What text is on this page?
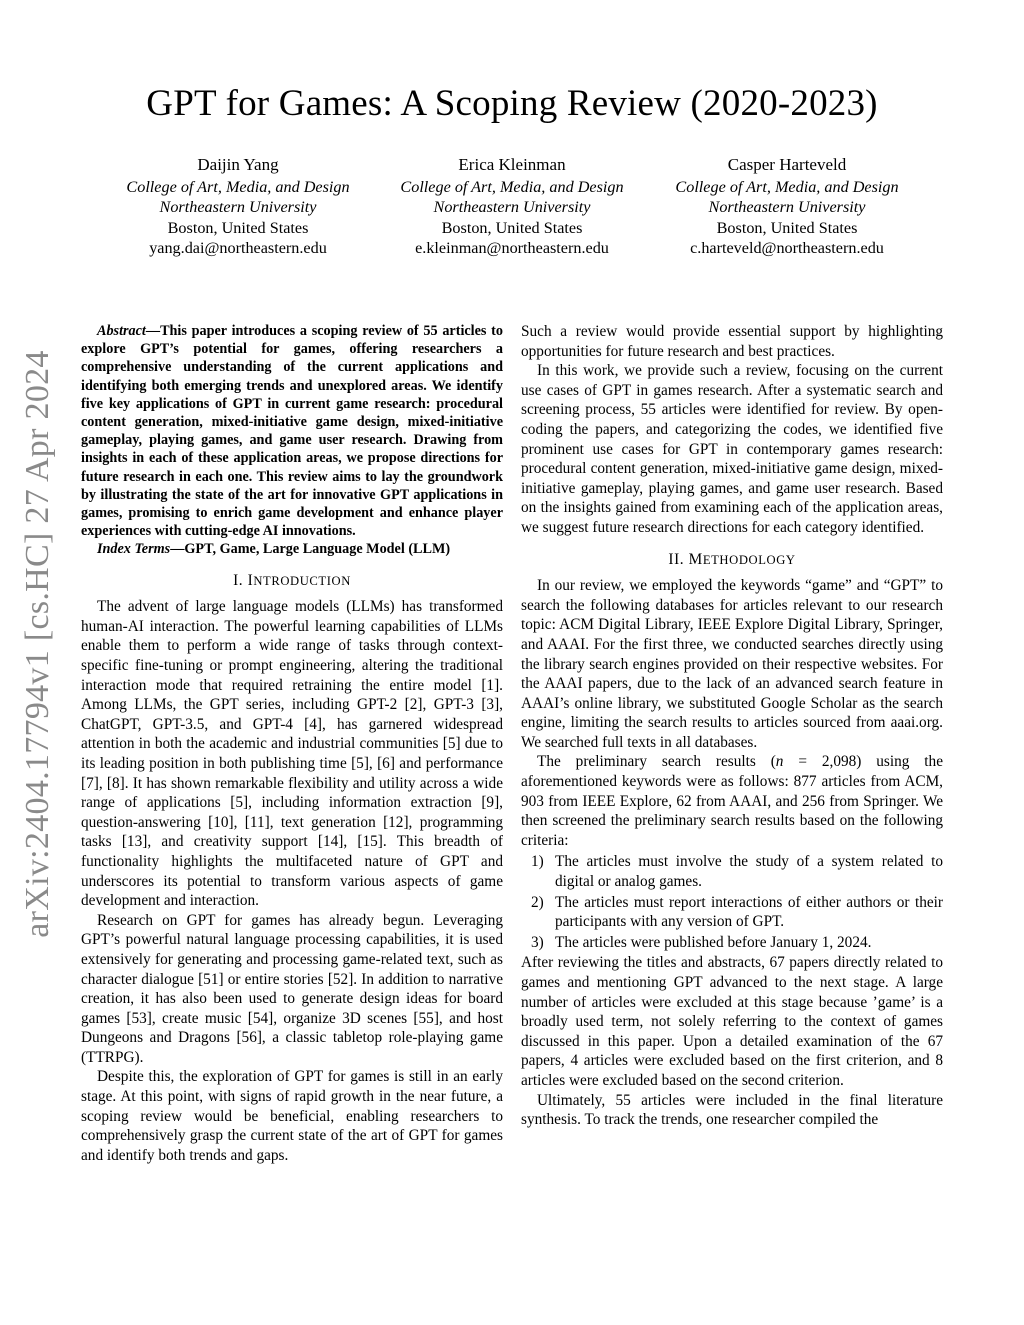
GPT for Games: A Scoping Review (2020-2023)
Daijin Yang
College of Art, Media, and Design
Northeastern University
Boston, United States
yang.dai@northeastern.edu
Erica Kleinman
College of Art, Media, and Design
Northeastern University
Boston, United States
e.kleinman@northeastern.edu
Casper Harteveld
College of Art, Media, and Design
Northeastern University
Boston, United States
c.harteveld@northeastern.edu
arXiv:2404.17794v1 [cs.HC] 27 Apr 2024

Abstract—This paper introduces a scoping review of 55 articles to explore GPT’s potential for games, offering researchers a comprehensive understanding of the current applications and identifying both emerging trends and unexplored areas. We identify five key applications of GPT in current game research: procedural content generation, mixed-initiative game design, mixed-initiative gameplay, playing games, and game user research. Drawing from insights in each of these application areas, we propose directions for future research in each one. This review aims to lay the groundwork by illustrating the state of the art for innovative GPT applications in games, promising to enrich game development and enhance player experiences with cutting-edge AI innovations.

Index Terms—GPT, Game, Large Language Model (LLM)

I. INTRODUCTION

The advent of large language models (LLMs) has transformed human-AI interaction. The powerful learning capabilities of LLMs enable them to perform a wide range of tasks through context-specific fine-tuning or prompt engineering, altering the traditional interaction mode that required retraining the entire model [1]. Among LLMs, the GPT series, including GPT-2 [2], GPT-3 [3], ChatGPT, GPT-3.5, and GPT-4 [4], has garnered widespread attention in both the academic and industrial communities [5] due to its leading position in both publishing time [5], [6] and performance [7], [8]. It has shown remarkable flexibility and utility across a wide range of applications [5], including information extraction [9], question-answering [10], [11], text generation [12], programming tasks [13], and creativity support [14], [15]. This breadth of functionality highlights the multifaceted nature of GPT and underscores its potential to transform various aspects of game development and interaction.

Research on GPT for games has already begun. Leveraging GPT’s powerful natural language processing capabilities, it is used extensively for generating and processing game-related text, such as character dialogue [51] or entire stories [52]. In addition to narrative creation, it has also been used to generate design ideas for board games [53], create music [54], organize 3D scenes [55], and host Dungeons and Dragons [56], a classic tabletop role-playing game (TTRPG).

Despite this, the exploration of GPT for games is still in an early stage. At this point, with signs of rapid growth in the near future, a scoping review would be beneficial, enabling researchers to comprehensively grasp the current state of the art of GPT for games and identify both trends and gaps.

Such a review would provide essential support by highlighting opportunities for future research and best practices.

In this work, we provide such a review, focusing on the current use cases of GPT in games research. After a systematic search and screening process, 55 articles were identified for review. By open-coding the papers, and categorizing the codes, we identified five prominent use cases for GPT in contemporary games research: procedural content generation, mixed-initiative game design, mixed-initiative gameplay, playing games, and game user research. Based on the insights gained from examining each of the application areas, we suggest future research directions for each category identified.

II. METHODOLOGY

In our review, we employed the keywords “game” and “GPT” to search the following databases for articles relevant to our research topic: ACM Digital Library, IEEE Explore Digital Library, Springer, and AAAI. For the first three, we conducted searches directly using the library search engines provided on their respective websites. For the AAAI papers, due to the lack of an advanced search feature in AAAI’s online library, we substituted Google Scholar as the search engine, limiting the search results to articles sourced from aaai.org. We searched full texts in all databases.

The preliminary search results (n = 2,098) using the aforementioned keywords were as follows: 877 articles from ACM, 903 from IEEE Explore, 62 from AAAI, and 256 from Springer. We then screened the preliminary search results based on the following criteria:

1) The articles must involve the study of a system related to digital or analog games.
2) The articles must report interactions of either authors or their participants with any version of GPT.
3) The articles were published before January 1, 2024.

After reviewing the titles and abstracts, 67 papers directly related to games and mentioning GPT advanced to the next stage. A large number of articles were excluded at this stage because ’game’ is a broadly used term, not solely referring to the context of games discussed in this paper. Upon a detailed examination of the 67 papers, 4 articles were excluded based on the first criterion, and 8 articles were excluded based on the second criterion.

Ultimately, 55 articles were included in the final literature synthesis. To track the trends, one researcher compiled the
